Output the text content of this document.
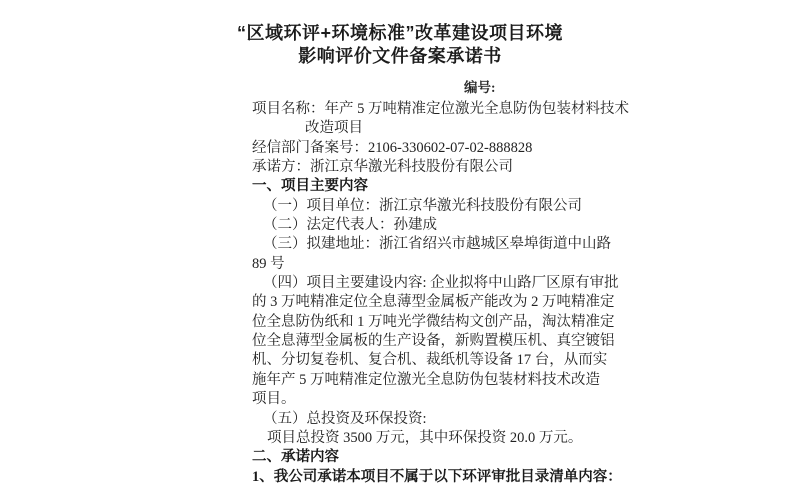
“区域环评+环境标准”改革建设项目环境
影响评价文件备案承诺书
编号:
项目名称：年产 5 万吨精准定位激光全息防伪包装材料技术
改造项目
经信部门备案号：2106-330602-07-02-888828
承诺方：浙江京华激光科技股份有限公司
一、项目主要内容
（一）项目单位：浙江京华激光科技股份有限公司
（二）法定代表人：孙建成
（三）拟建地址：浙江省绍兴市越城区皋埠街道中山路
89 号
（四）项目主要建设内容: 企业拟将中山路厂区原有审批
的 3 万吨精准定位全息薄型金属板产能改为 2 万吨精准定
位全息防伪纸和 1 万吨光学微结构文创产品，淘汰精准定
位全息薄型金属板的生产设备，新购置模压机、真空镀铝
机、分切复卷机、复合机、裁纸机等设备 17 台，从而实
施年产 5 万吨精准定位激光全息防伪包装材料技术改造
项目。
（五）总投资及环保投资:
项目总投资 3500 万元，其中环保投资 20.0 万元。
二、承诺内容
1、我公司承诺本项目不属于以下环评审批目录清单内容：
